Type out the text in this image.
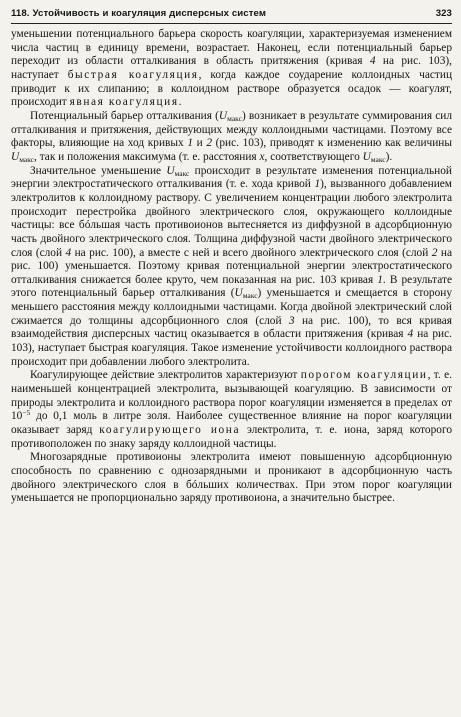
118. Устойчивость и коагуляция дисперсных систем	323

уменьшении потенциального барьера скорость коагуляции, характеризуемая изменением числа частиц в единицу времени, возрастает. Наконец, если потенциальный барьер переходит из области отталкивания в область притяжения (кривая 4 на рис. 103), наступает быстрая коагуляция, когда каждое соударение коллоидных частиц приводит к их слипанию; в коллоидном растворе образуется осадок — коагулят, происходит явная коагуляция.

Потенциальный барьер отталкивания $(U_{макс})$ возникает в результате суммирования сил отталкивания и притяжения, действующих между коллоидными частицами. Поэтому все факторы, влияющие на ход кривых 1 и 2 (рис. 103), приводят к изменению как величины $U_{макс}$, так и положения максимума (т. е. расстояния x, соответствующего $U_{макс}$).

Значительное уменьшение $U_{макс}$ происходит в результате изменения потенциальной энергии электростатического отталкивания (т. е. хода кривой 1), вызванного добавлением электролитов к коллоидному раствору. С увеличением концентрации любого электролита происходит перестройка двойного электрического слоя, окружающего коллоидные частицы: все бóльшая часть противоионов вытесняется из диффузной в адсорбционную часть двойного электрического слоя. Толщина диффузной части двойного электрического слоя (слой 4 на рис. 100), а вместе с ней и всего двойного электрического слоя (слой 2 на рис. 100) уменьшается. Поэтому кривая потенциальной энергии электростатического отталкивания снижается более круто, чем показанная на рис. 103 кривая 1. В результате этого потенциальный барьер отталкивания $(U_{макс})$ уменьшается и смещается в сторону меньшего расстояния между коллоидными частицами. Когда двойной электрический слой сжимается до толщины адсорбционного слоя (слой 3 на рис. 100), то вся кривая взаимодействия дисперсных частиц оказывается в области притяжения (кривая 4 на рис. 103), наступает быстрая коагуляция. Такое изменение устойчивости коллоидного раствора происходит при добавлении любого электролита.

Коагулирующее действие электролитов характеризуют порогом коагуляции, т. е. наименьшей концентрацией электролита, вызывающей коагуляцию. В зависимости от природы электролита и коллоидного раствора порог коагуляции изменяется в пределах от $10^{-5}$ до 0,1 моль в литре золя. Наиболее существенное влияние на порог коагуляции оказывает заряд коагулирующего иона электролита, т. е. иона, заряд которого противоположен по знаку заряду коллоидной частицы.

Многозарядные противоионы электролита имеют повышенную адсорбционную способность по сравнению с однозарядными и проникают в адсорбционную часть двойного электрического слоя в бóльших количествах. При этом порог коагуляции уменьшается не пропорционально заряду противоиона, а значительно быстрее.
